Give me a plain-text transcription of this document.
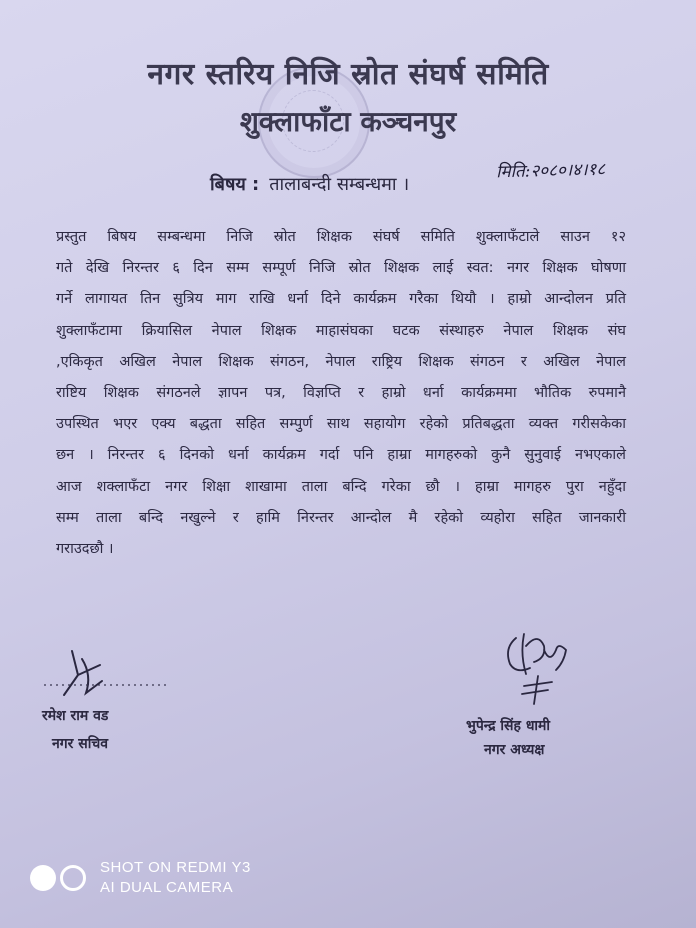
नगर स्तरिय निजि स्रोत संघर्ष समिति
शुक्लाफाँटा कञ्चनपुर
मिति:२०८०।४।१८
बिषय : तालाबन्दी सम्बन्धमा ।
प्रस्तुत बिषय सम्बन्धमा निजि स्रोत शिक्षक संघर्ष समिति शुक्लाफँटाले साउन १२
गते देखि निरन्तर ६ दिन सम्म सम्पूर्ण निजि स्रोत शिक्षक लाई स्वत: नगर शिक्षक घोषणा
गर्ने लागायत तिन सुत्रिय माग राखि धर्ना दिने कार्यक्रम गरैका थियौ । हाम्रो आन्दोलन प्रति
शुक्लाफँटामा क्रियासिल नेपाल शिक्षक माहासंघका घटक संस्थाहरु नेपाल शिक्षक संघ
,एकिकृत अखिल नेपाल शिक्षक संगठन, नेपाल राष्ट्रिय शिक्षक संगठन र अखिल नेपाल
राष्टिय शिक्षक संगठनले ज्ञापन पत्र, विज्ञप्ति र हाम्रो धर्ना कार्यक्रममा भौतिक रुपमानै
उपस्थित भएर एक्य बद्धता सहित सम्पुर्ण साथ सहायोग रहेको प्रतिबद्धता व्यक्त गरीसकेका
छन । निरन्तर ६ दिनको धर्ना कार्यक्रम गर्दा पनि हाम्रा मागहरुको कुनै सुनुवाई नभएकाले
आज शक्लाफँटा नगर शिक्षा शाखामा ताला बन्दि गरेका छौ । हाम्रा मागहरु पुरा नहुँदा
सम्म ताला बन्दि नखुल्ने र हामि निरन्तर आन्दोल मै रहेको व्यहोरा सहित जानकारी
गराउदछौ ।
रमेश राम वड
नगर सचिव
भुपेन्द्र सिंह धामी
नगर अध्यक्ष
SHOT ON REDMI Y3
AI DUAL CAMERA
